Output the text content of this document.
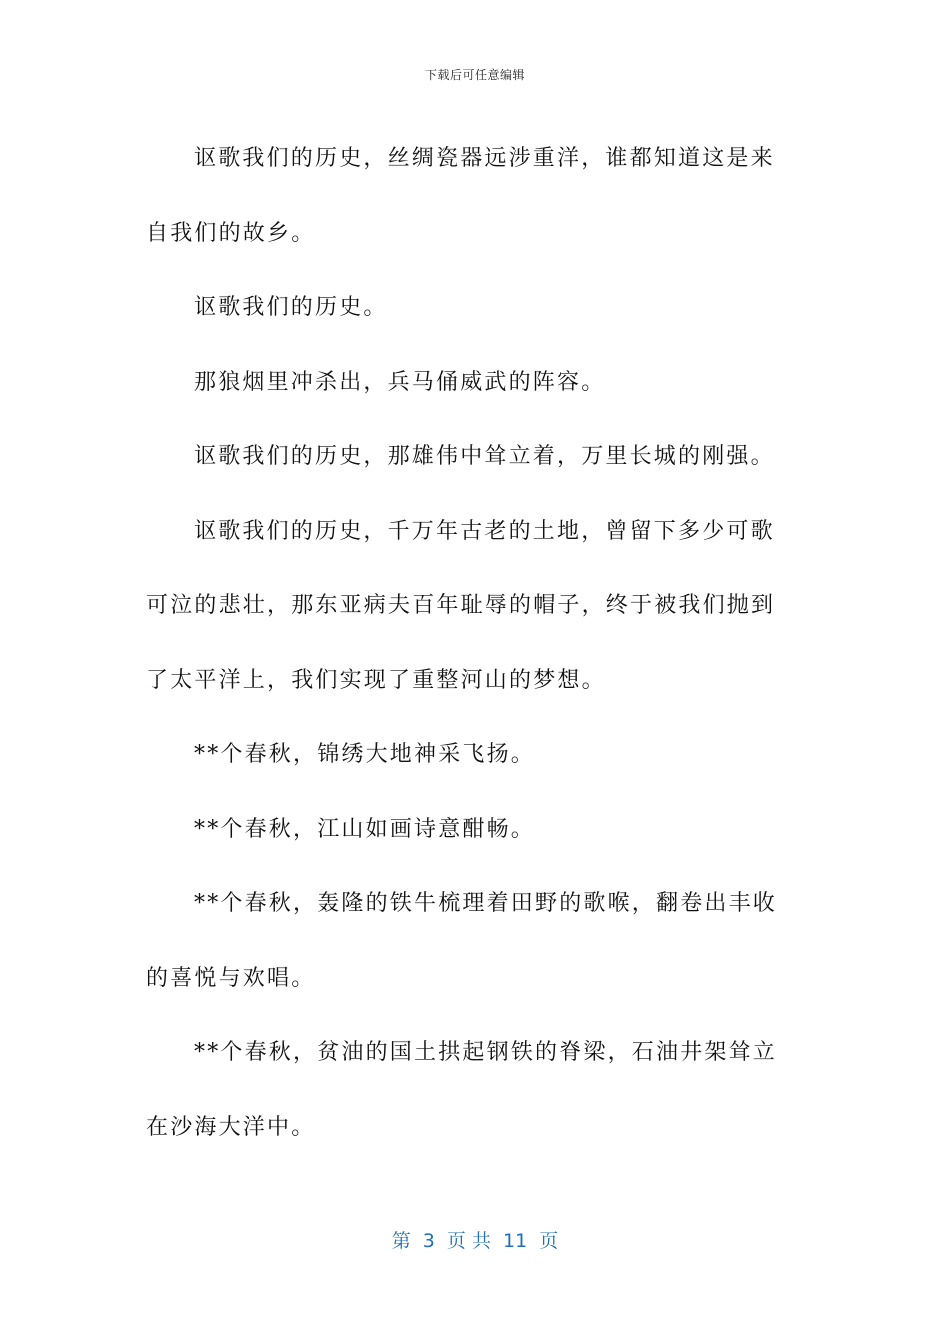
下载后可任意编辑

讴歌我们的历史，丝绸瓷器远涉重洋，谁都知道这是来自我们的故乡。

讴歌我们的历史。

那狼烟里冲杀出，兵马俑威武的阵容。

讴歌我们的历史，那雄伟中耸立着，万里长城的刚强。

讴歌我们的历史，千万年古老的土地，曾留下多少可歌可泣的悲壮，那东亚病夫百年耻辱的帽子，终于被我们抛到了太平洋上，我们实现了重整河山的梦想。

**个春秋，锦绣大地神采飞扬。

**个春秋，江山如画诗意酣畅。

**个春秋，轰隆的铁牛梳理着田野的歌喉，翻卷出丰收的喜悦与欢唱。

**个春秋，贫油的国土拱起钢铁的脊梁，石油井架耸立在沙海大洋中。

第  3  页 共  11  页
